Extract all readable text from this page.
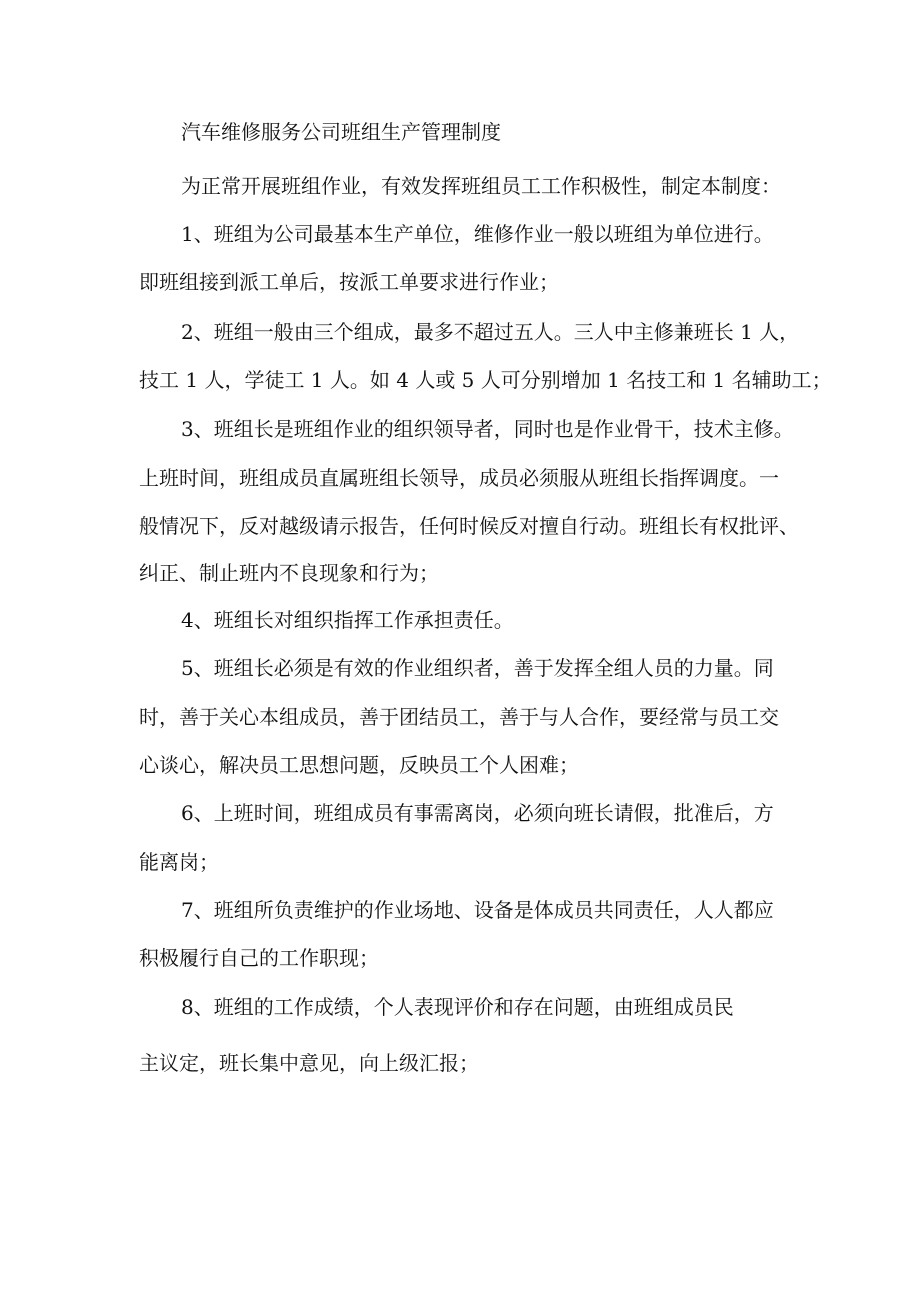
汽车维修服务公司班组生产管理制度
为正常开展班组作业，有效发挥班组员工工作积极性，制定本制度：
1、班组为公司最基本生产单位，维修作业一般以班组为单位进行。
即班组接到派工单后，按派工单要求进行作业；
2、班组一般由三个组成，最多不超过五人。三人中主修兼班长 1 人，
技工 1 人，学徒工 1 人。如 4 人或 5 人可分别增加 1 名技工和 1 名辅助工；
3、班组长是班组作业的组织领导者，同时也是作业骨干，技术主修。
上班时间，班组成员直属班组长领导，成员必须服从班组长指挥调度。一
般情况下，反对越级请示报告，任何时候反对擅自行动。班组长有权批评、
纠正、制止班内不良现象和行为；
4、班组长对组织指挥工作承担责任。
5、班组长必须是有效的作业组织者，善于发挥全组人员的力量。同
时，善于关心本组成员，善于团结员工，善于与人合作，要经常与员工交
心谈心，解决员工思想问题，反映员工个人困难；
6、上班时间，班组成员有事需离岗，必须向班长请假，批准后，方
能离岗；
7、班组所负责维护的作业场地、设备是体成员共同责任，人人都应
积极履行自己的工作职现；
8、班组的工作成绩，个人表现评价和存在问题，由班组成员民
主议定，班长集中意见，向上级汇报；
